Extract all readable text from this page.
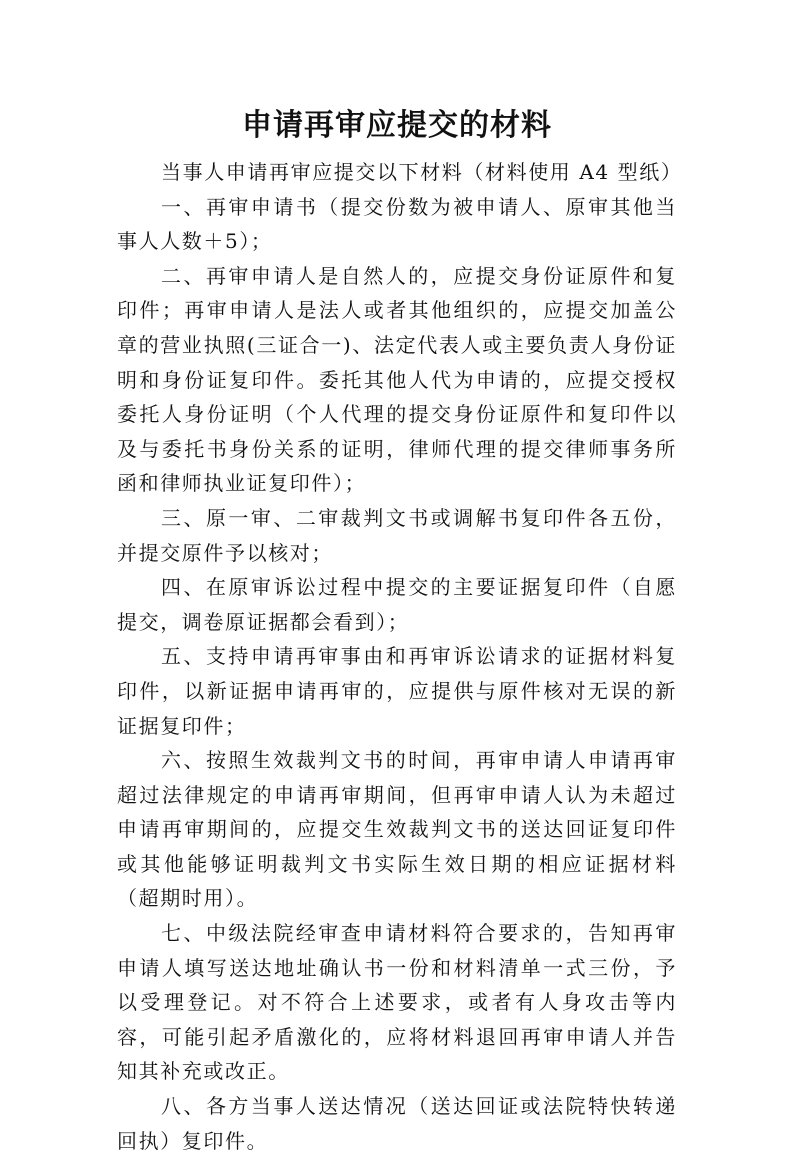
申请再审应提交的材料

当事人申请再审应提交以下材料（材料使用 A4 型纸）

一、再审申请书（提交份数为被申请人、原审其他当事人人数＋5）；

二、再审申请人是自然人的，应提交身份证原件和复印件；再审申请人是法人或者其他组织的，应提交加盖公章的营业执照(三证合一)、法定代表人或主要负责人身份证明和身份证复印件。委托其他人代为申请的，应提交授权委托人身份证明（个人代理的提交身份证原件和复印件以及与委托书身份关系的证明，律师代理的提交律师事务所函和律师执业证复印件）；

三、原一审、二审裁判文书或调解书复印件各五份，并提交原件予以核对；

四、在原审诉讼过程中提交的主要证据复印件（自愿提交，调卷原证据都会看到）；

五、支持申请再审事由和再审诉讼请求的证据材料复印件，以新证据申请再审的，应提供与原件核对无误的新证据复印件；

六、按照生效裁判文书的时间，再审申请人申请再审超过法律规定的申请再审期间，但再审申请人认为未超过申请再审期间的，应提交生效裁判文书的送达回证复印件或其他能够证明裁判文书实际生效日期的相应证据材料（超期时用）。

七、中级法院经审查申请材料符合要求的，告知再审申请人填写送达地址确认书一份和材料清单一式三份，予以受理登记。对不符合上述要求，或者有人身攻击等内容，可能引起矛盾激化的，应将材料退回再审申请人并告知其补充或改正。

八、各方当事人送达情况（送达回证或法院特快转递回执）复印件。
